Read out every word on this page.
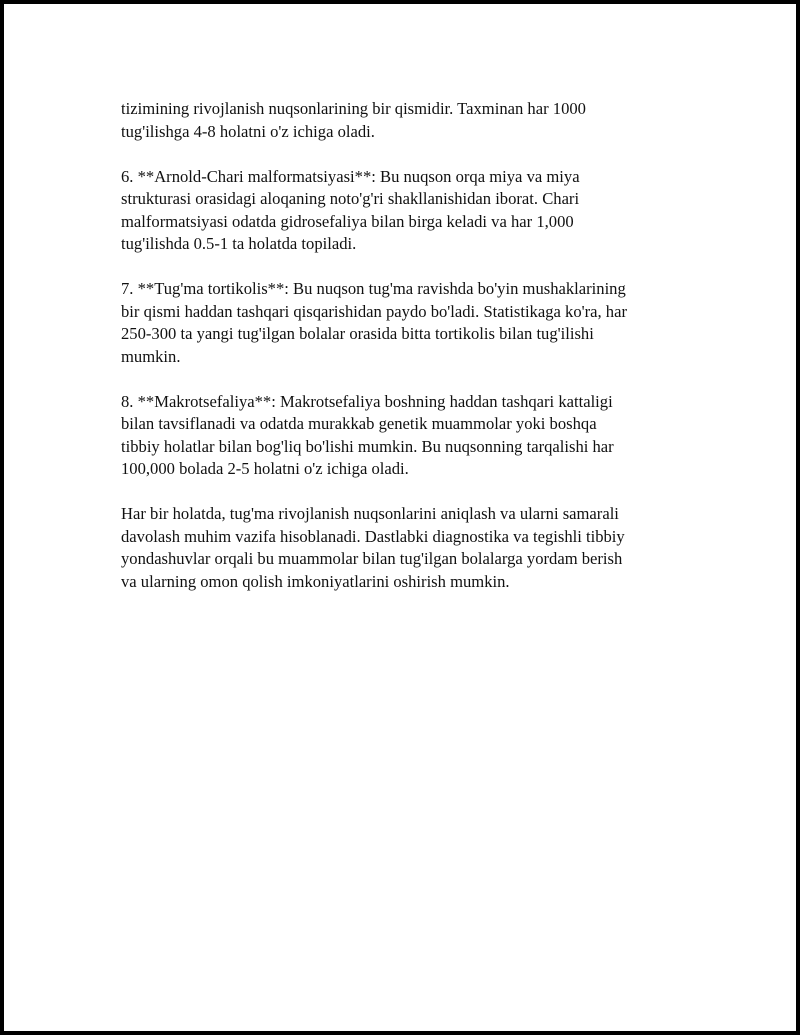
tizimining rivojlanish nuqsonlarining bir qismidir. Taxminan har 1000
tug'ilishga 4-8 holatni o'z ichiga oladi.

6. **Arnold-Chari malformatsiyasi**: Bu nuqson orqa miya va miya
strukturasi orasidagi aloqaning noto'g'ri shakllanishidan iborat. Chari
malformatsiyasi odatda gidrosefaliya bilan birga keladi va har 1,000
tug'ilishda 0.5-1 ta holatda topiladi.

7. **Tug'ma tortikolis**: Bu nuqson tug'ma ravishda bo'yin mushaklarining
bir qismi haddan tashqari qisqarishidan paydo bo'ladi. Statistikaga ko'ra, har
250-300 ta yangi tug'ilgan bolalar orasida bitta tortikolis bilan tug'ilishi
mumkin.

8. **Makrotsefaliya**: Makrotsefaliya boshning haddan tashqari kattaligi
bilan tavsiflanadi va odatda murakkab genetik muammolar yoki boshqa
tibbiy holatlar bilan bog'liq bo'lishi mumkin. Bu nuqsonning tarqalishi har
100,000 bolada 2-5 holatni o'z ichiga oladi.

Har bir holatda, tug'ma rivojlanish nuqsonlarini aniqlash va ularni samarali
davolash muhim vazifa hisoblanadi. Dastlabki diagnostika va tegishli tibbiy
yondashuvlar orqali bu muammolar bilan tug'ilgan bolalarga yordam berish
va ularning omon qolish imkoniyatlarini oshirish mumkin.
